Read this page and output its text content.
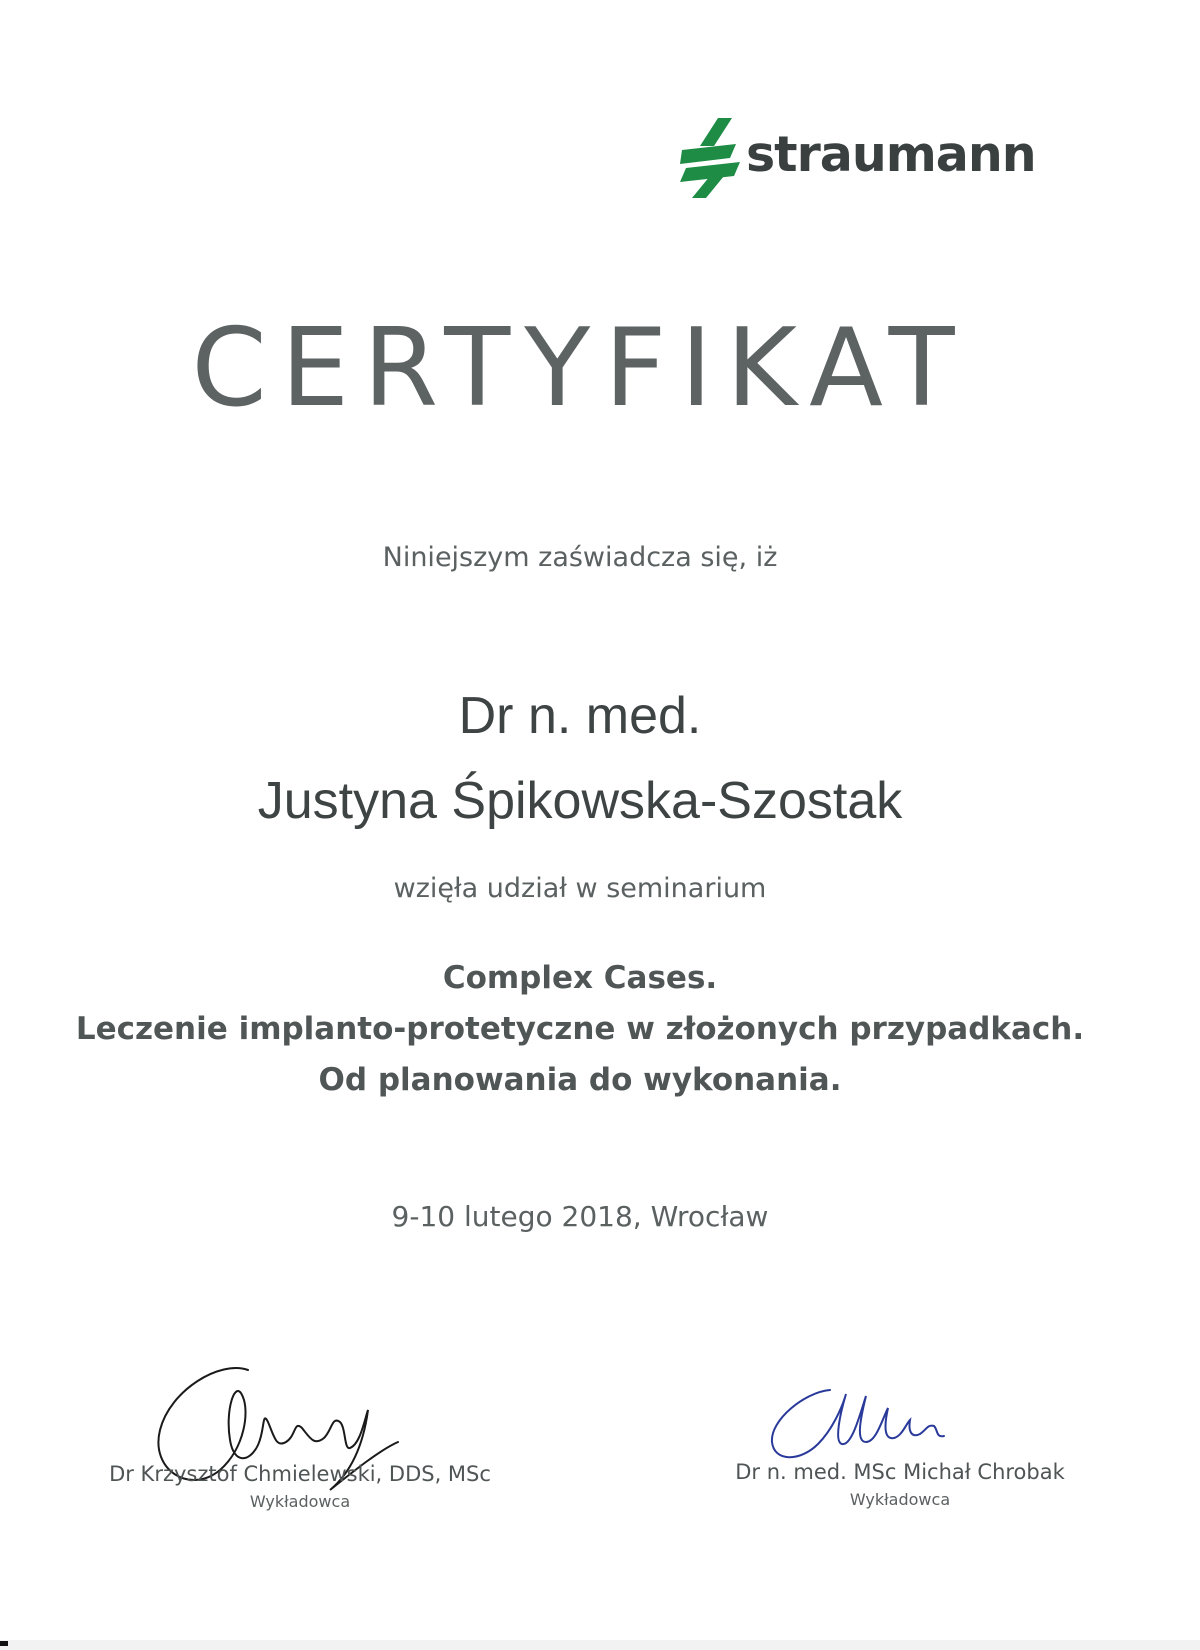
straumann
CERTYFIKAT
Niniejszym zaświadcza się, iż
Dr n. med.
Justyna Śpikowska-Szostak
wzięła udział w seminarium
Complex Cases.
Leczenie implanto-protetyczne w złożonych przypadkach.
Od planowania do wykonania.
9-10 lutego 2018, Wrocław
Dr Krzysztof Chmielewski, DDS, MSc
Wykładowca
Dr n. med. MSc Michał Chrobak
Wykładowca
